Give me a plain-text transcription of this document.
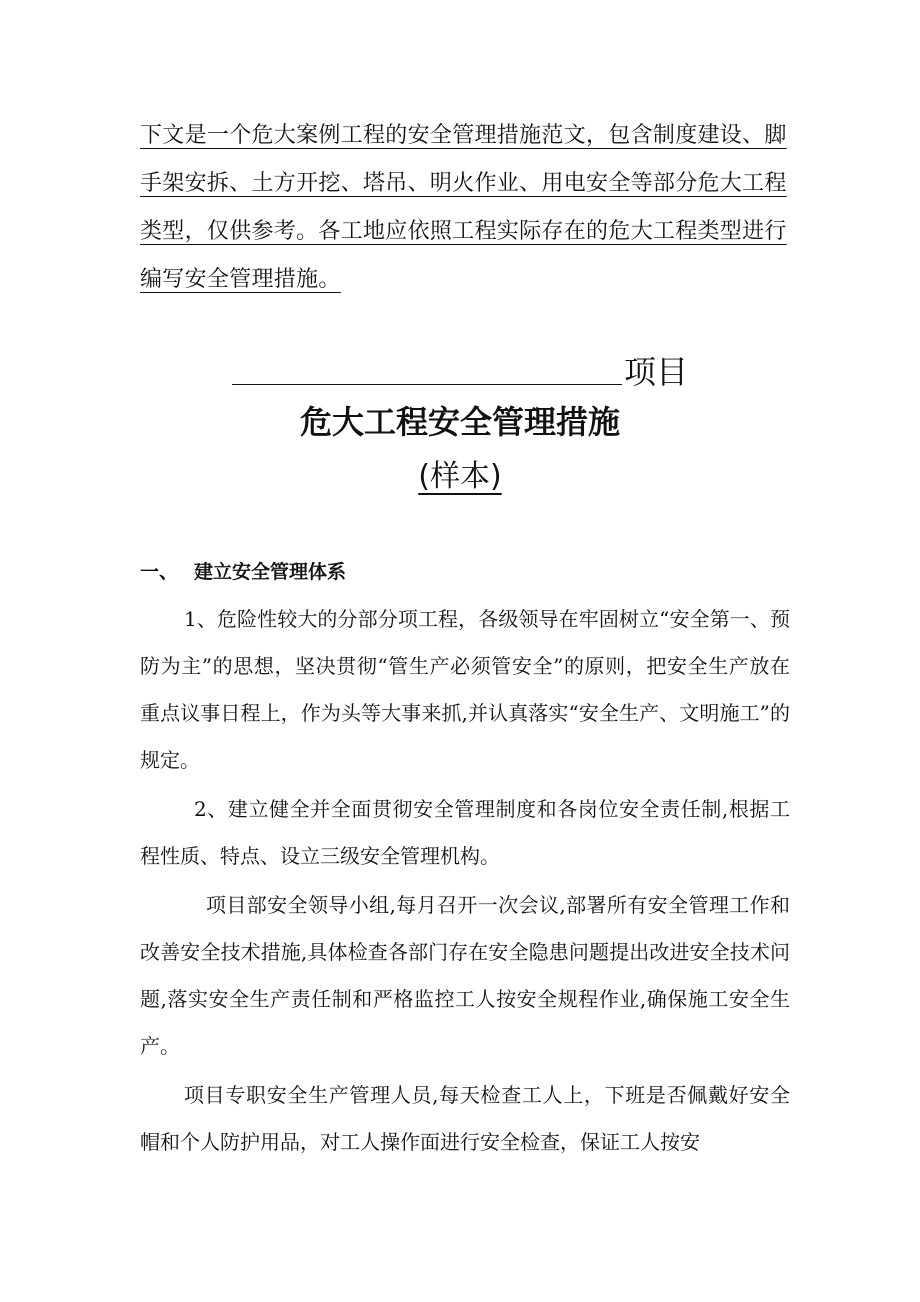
下文是一个危大案例工程的安全管理措施范文，包含制度建设、脚手架安拆、土方开挖、塔吊、明火作业、用电安全等部分危大工程类型，仅供参考。各工地应依照工程实际存在的危大工程类型进行编写安全管理措施。

项目
危大工程安全管理措施

(样本)

一、 建立安全管理体系

1、危险性较大的分部分项工程，各级领导在牢固树立“安全第一、预防为主”的思想，坚决贯彻“管生产必须管安全”的原则，把安全生产放在重点议事日程上，作为头等大事来抓,并认真落实“安全生产、文明施工”的规定。

2、建立健全并全面贯彻安全管理制度和各岗位安全责任制,根据工程性质、特点、设立三级安全管理机构。

项目部安全领导小组,每月召开一次会议,部署所有安全管理工作和改善安全技术措施,具体检查各部门存在安全隐患问题提出改进安全技术问题,落实安全生产责任制和严格监控工人按安全规程作业,确保施工安全生产。

项目专职安全生产管理人员,每天检查工人上，下班是否佩戴好安全帽和个人防护用品，对工人操作面进行安全检查，保证工人按安
